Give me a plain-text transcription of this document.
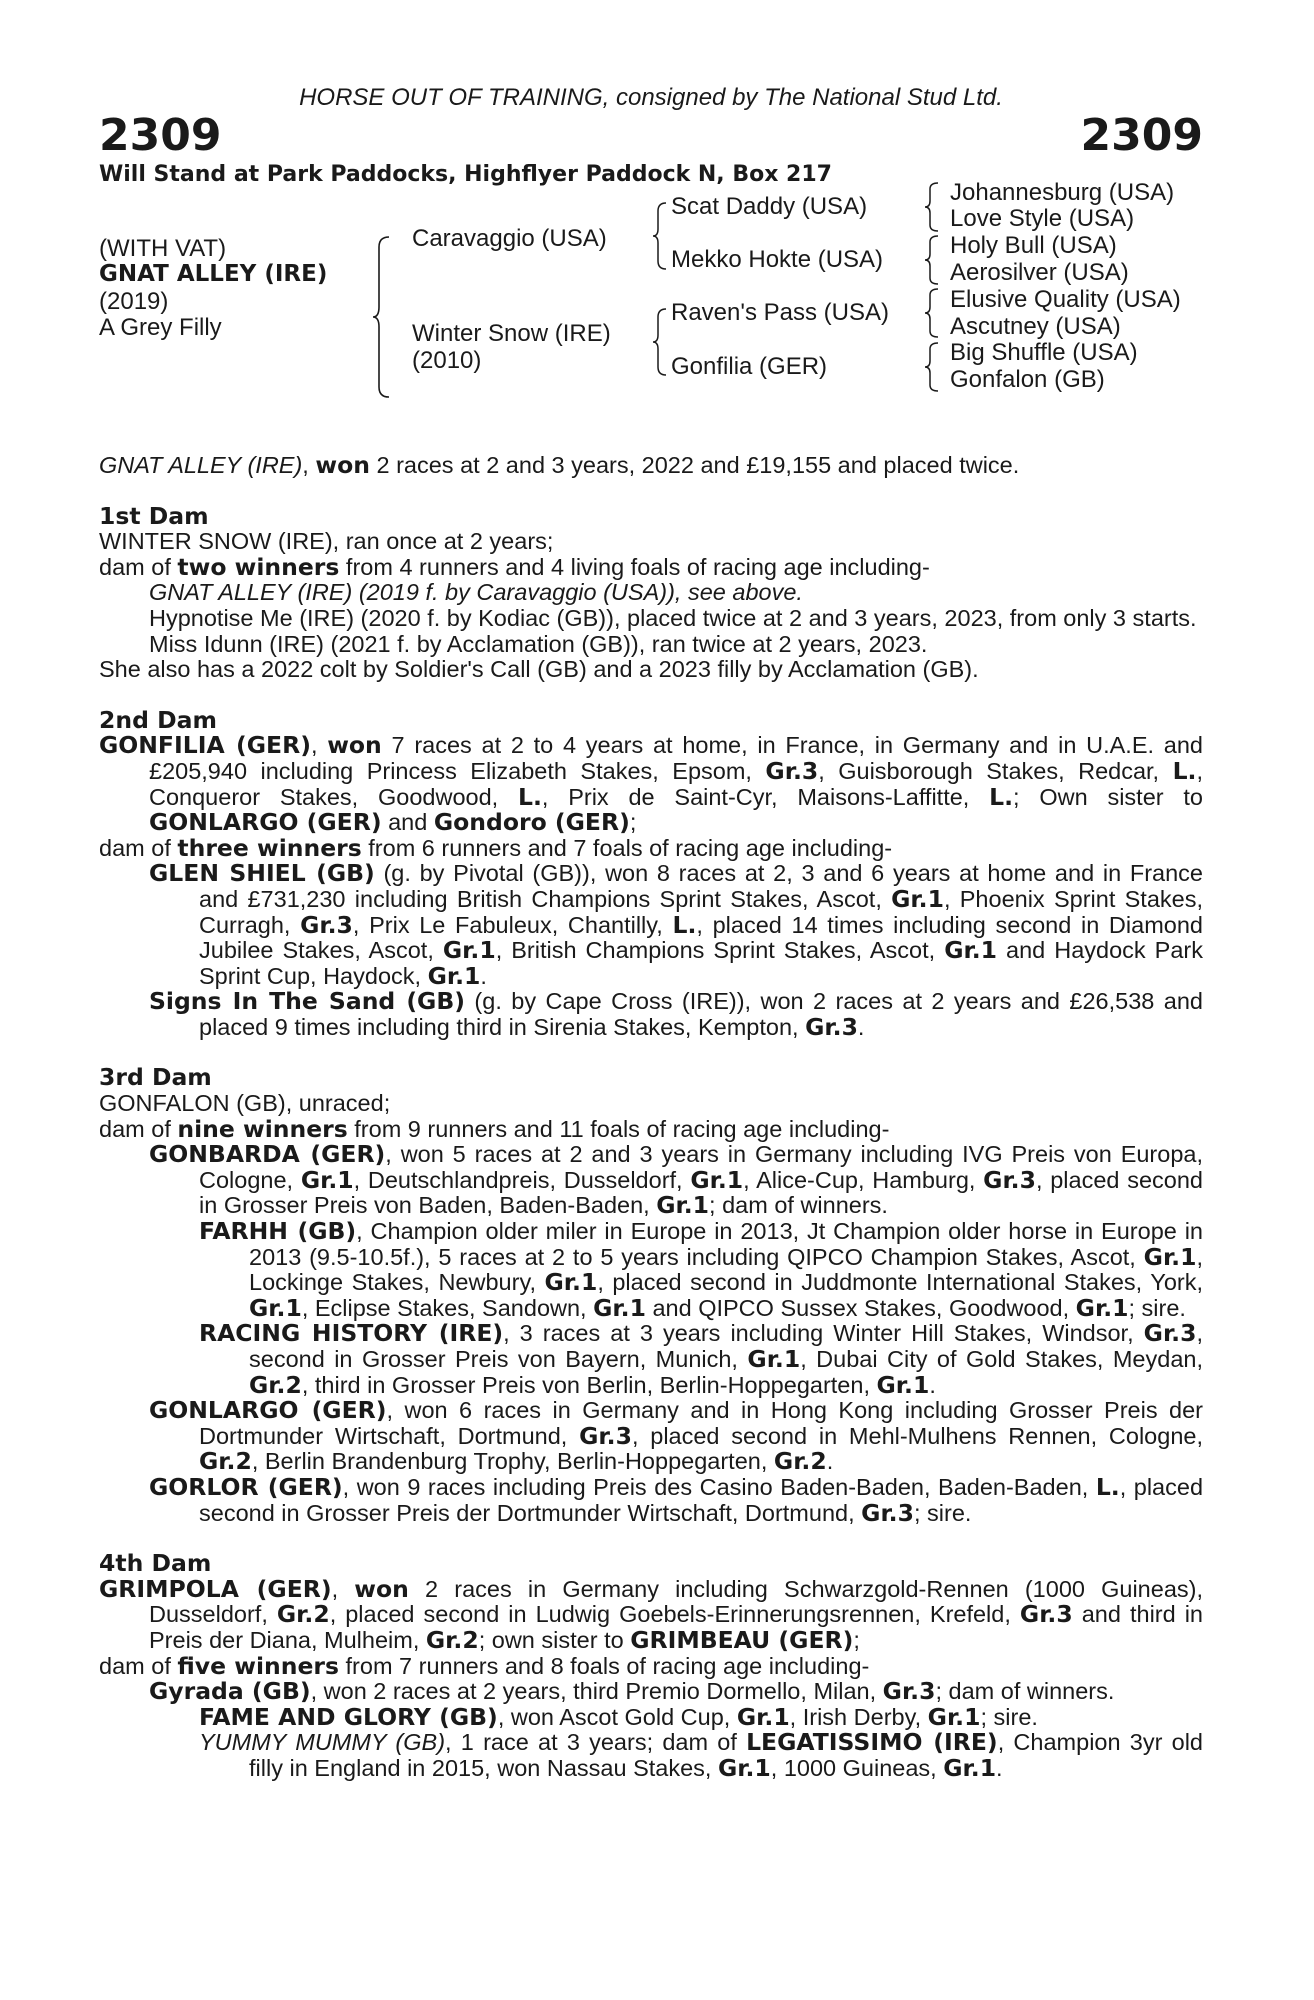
HORSE OUT OF TRAINING, consigned by The National Stud Ltd.
2309	2309
Will Stand at Park Paddocks, Highflyer Paddock N, Box 217
(WITH VAT)
GNAT ALLEY (IRE)
(2019)
A Grey Filly
Caravaggio (USA)
Winter Snow (IRE)
(2010)
Scat Daddy (USA)
Mekko Hokte (USA)
Raven's Pass (USA)
Gonfilia (GER)
Johannesburg (USA)
Love Style (USA)
Holy Bull (USA)
Aerosilver (USA)
Elusive Quality (USA)
Ascutney (USA)
Big Shuffle (USA)
Gonfalon (GB)
GNAT ALLEY (IRE), won 2 races at 2 and 3 years, 2022 and £19,155 and placed twice.
1st Dam
WINTER SNOW (IRE), ran once at 2 years;
dam of two winners from 4 runners and 4 living foals of racing age including-
GNAT ALLEY (IRE) (2019 f. by Caravaggio (USA)), see above.
Hypnotise Me (IRE) (2020 f. by Kodiac (GB)), placed twice at 2 and 3 years, 2023, from only 3 starts.
Miss Idunn (IRE) (2021 f. by Acclamation (GB)), ran twice at 2 years, 2023.
She also has a 2022 colt by Soldier's Call (GB) and a 2023 filly by Acclamation (GB).
2nd Dam
GONFILIA (GER), won 7 races at 2 to 4 years at home, in France, in Germany and in U.A.E. and £205,940 including Princess Elizabeth Stakes, Epsom, Gr.3, Guisborough Stakes, Redcar, L., Conqueror Stakes, Goodwood, L., Prix de Saint-Cyr, Maisons-Laffitte, L.; Own sister to GONLARGO (GER) and Gondoro (GER);
dam of three winners from 6 runners and 7 foals of racing age including-
GLEN SHIEL (GB) (g. by Pivotal (GB)), won 8 races at 2, 3 and 6 years at home and in France and £731,230 including British Champions Sprint Stakes, Ascot, Gr.1, Phoenix Sprint Stakes, Curragh, Gr.3, Prix Le Fabuleux, Chantilly, L., placed 14 times including second in Diamond Jubilee Stakes, Ascot, Gr.1, British Champions Sprint Stakes, Ascot, Gr.1 and Haydock Park Sprint Cup, Haydock, Gr.1.
Signs In The Sand (GB) (g. by Cape Cross (IRE)), won 2 races at 2 years and £26,538 and placed 9 times including third in Sirenia Stakes, Kempton, Gr.3.
3rd Dam
GONFALON (GB), unraced;
dam of nine winners from 9 runners and 11 foals of racing age including-
GONBARDA (GER), won 5 races at 2 and 3 years in Germany including IVG Preis von Europa, Cologne, Gr.1, Deutschlandpreis, Dusseldorf, Gr.1, Alice-Cup, Hamburg, Gr.3, placed second in Grosser Preis von Baden, Baden-Baden, Gr.1; dam of winners.
FARHH (GB), Champion older miler in Europe in 2013, Jt Champion older horse in Europe in 2013 (9.5-10.5f.), 5 races at 2 to 5 years including QIPCO Champion Stakes, Ascot, Gr.1, Lockinge Stakes, Newbury, Gr.1, placed second in Juddmonte International Stakes, York, Gr.1, Eclipse Stakes, Sandown, Gr.1 and QIPCO Sussex Stakes, Goodwood, Gr.1; sire.
RACING HISTORY (IRE), 3 races at 3 years including Winter Hill Stakes, Windsor, Gr.3, second in Grosser Preis von Bayern, Munich, Gr.1, Dubai City of Gold Stakes, Meydan, Gr.2, third in Grosser Preis von Berlin, Berlin-Hoppegarten, Gr.1.
GONLARGO (GER), won 6 races in Germany and in Hong Kong including Grosser Preis der Dortmunder Wirtschaft, Dortmund, Gr.3, placed second in Mehl-Mulhens Rennen, Cologne, Gr.2, Berlin Brandenburg Trophy, Berlin-Hoppegarten, Gr.2.
GORLOR (GER), won 9 races including Preis des Casino Baden-Baden, Baden-Baden, L., placed second in Grosser Preis der Dortmunder Wirtschaft, Dortmund, Gr.3; sire.
4th Dam
GRIMPOLA (GER), won 2 races in Germany including Schwarzgold-Rennen (1000 Guineas), Dusseldorf, Gr.2, placed second in Ludwig Goebels-Erinnerungsrennen, Krefeld, Gr.3 and third in Preis der Diana, Mulheim, Gr.2; own sister to GRIMBEAU (GER);
dam of five winners from 7 runners and 8 foals of racing age including-
Gyrada (GB), won 2 races at 2 years, third Premio Dormello, Milan, Gr.3; dam of winners.
FAME AND GLORY (GB), won Ascot Gold Cup, Gr.1, Irish Derby, Gr.1; sire.
YUMMY MUMMY (GB), 1 race at 3 years; dam of LEGATISSIMO (IRE), Champion 3yr old filly in England in 2015, won Nassau Stakes, Gr.1, 1000 Guineas, Gr.1.
